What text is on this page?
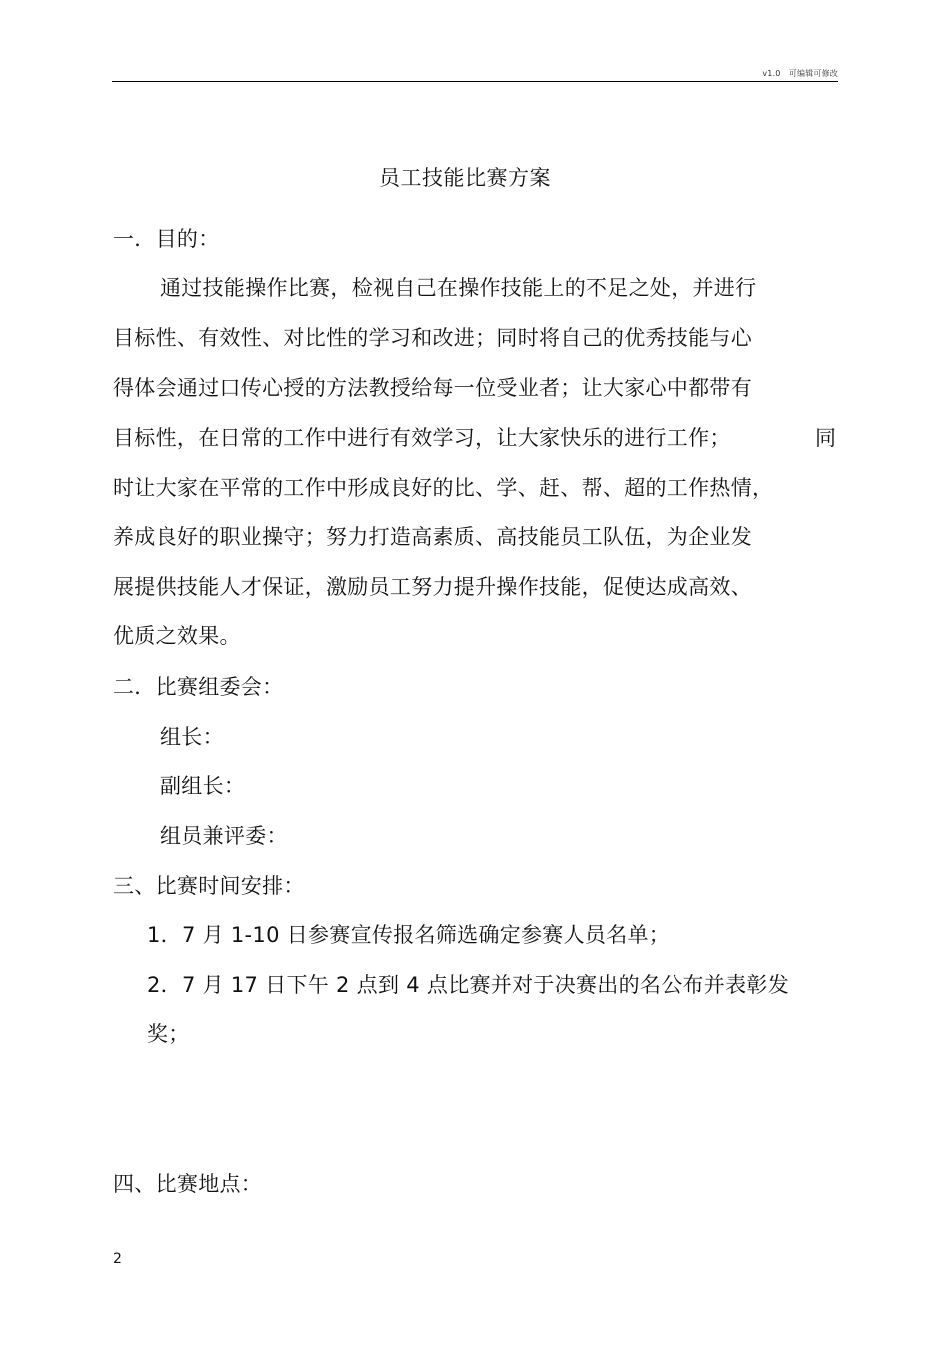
v1.0　可编辑可修改
员工技能比赛方案
一．目的：
通过技能操作比赛，检视自己在操作技能上的不足之处，并进行
目标性、有效性、对比性的学习和改进；同时将自己的优秀技能与心
得体会通过口传心授的方法教授给每一位受业者；让大家心中都带有
目标性，在日常的工作中进行有效学习，让大家快乐的进行工作；	同
时让大家在平常的工作中形成良好的比、学、赶、帮、超的工作热情，
养成良好的职业操守；努力打造高素质、高技能员工队伍，为企业发
展提供技能人才保证，激励员工努力提升操作技能，促使达成高效、
优质之效果。
二．比赛组委会：
组长：
副组长：
组员兼评委：
三、比赛时间安排：
1．7 月 1-10 日参赛宣传报名筛选确定参赛人员名单；
2．7 月 17 日下午 2 点到 4 点比赛并对于决赛出的名公布并表彰发
奖；
四、比赛地点：
2
